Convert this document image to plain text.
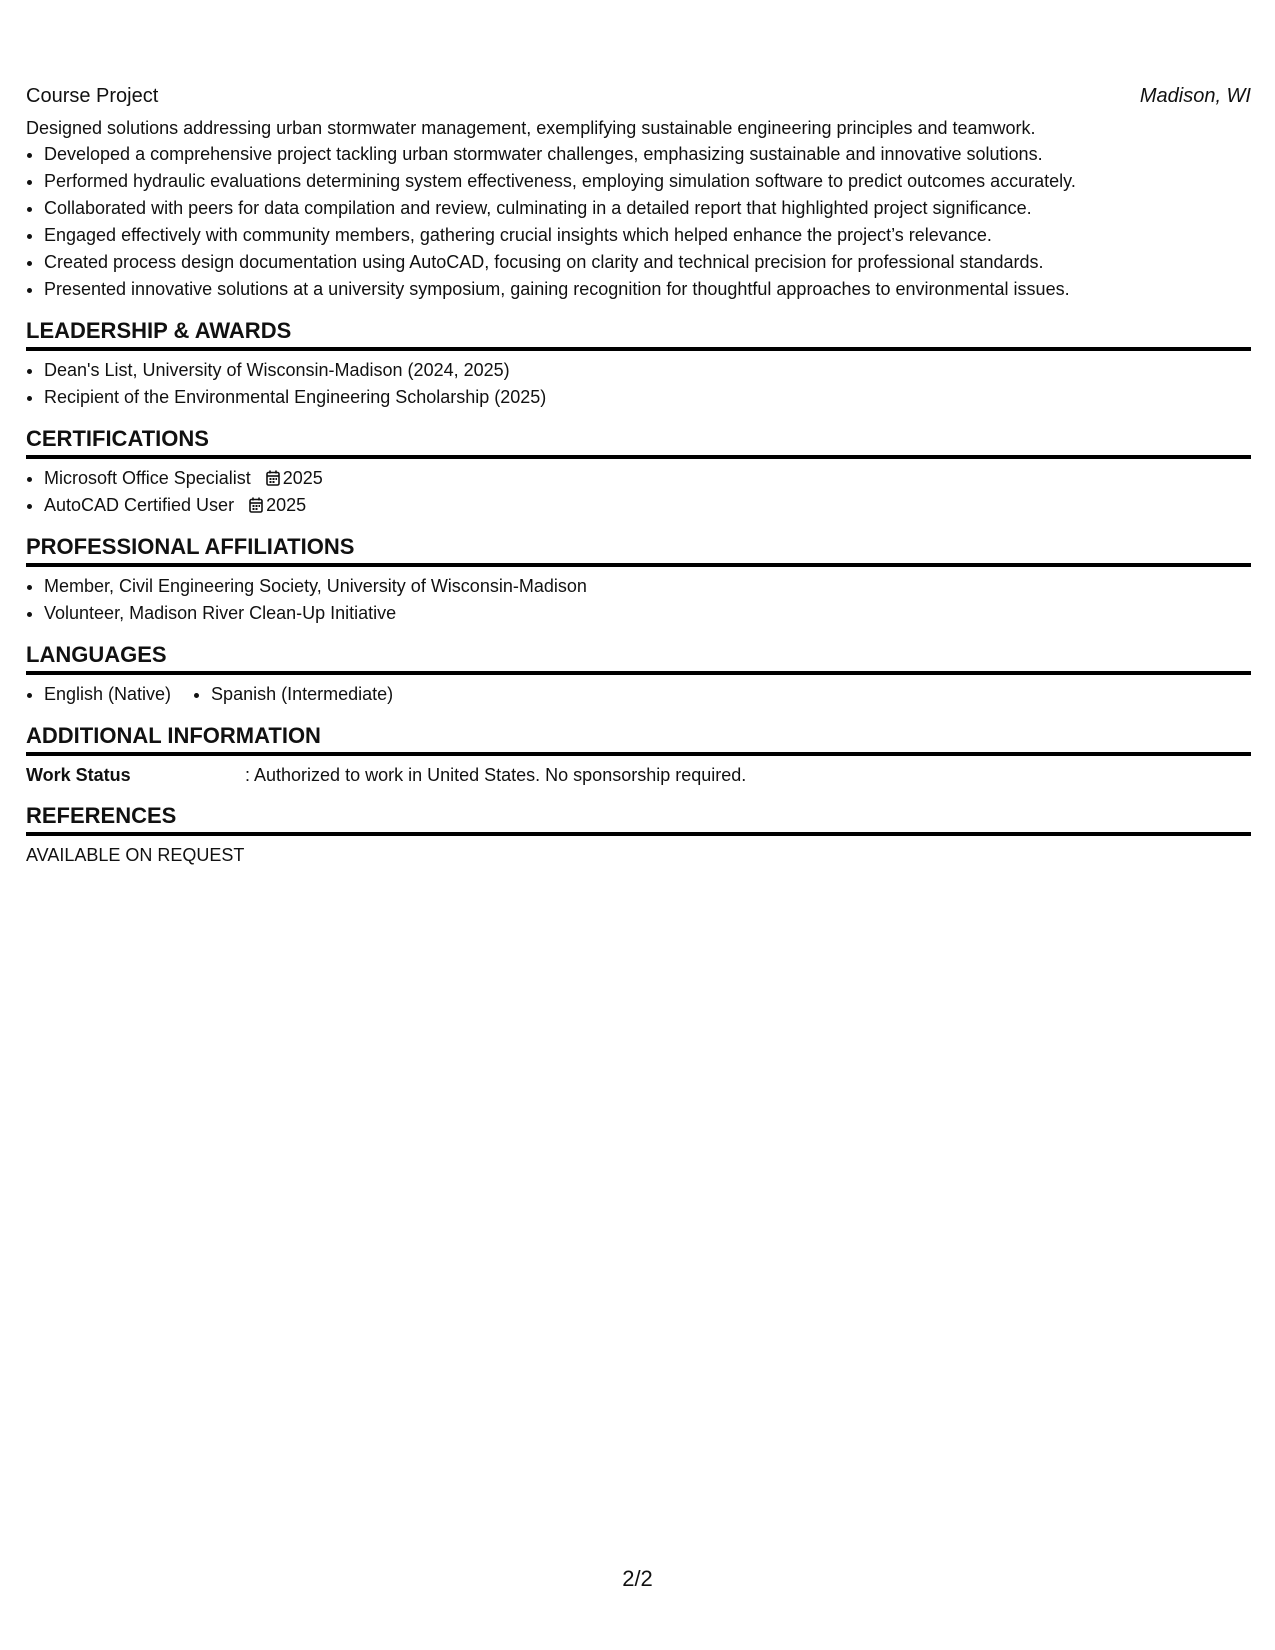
Course Project	Madison, WI
Designed solutions addressing urban stormwater management, exemplifying sustainable engineering principles and teamwork.
• Developed a comprehensive project tackling urban stormwater challenges, emphasizing sustainable and innovative solutions.
• Performed hydraulic evaluations determining system effectiveness, employing simulation software to predict outcomes accurately.
• Collaborated with peers for data compilation and review, culminating in a detailed report that highlighted project significance.
• Engaged effectively with community members, gathering crucial insights which helped enhance the project’s relevance.
• Created process design documentation using AutoCAD, focusing on clarity and technical precision for professional standards.
• Presented innovative solutions at a university symposium, gaining recognition for thoughtful approaches to environmental issues.
LEADERSHIP & AWARDS
• Dean's List, University of Wisconsin-Madison (2024, 2025)
• Recipient of the Environmental Engineering Scholarship (2025)
CERTIFICATIONS
• Microsoft Office Specialist 2025
• AutoCAD Certified User 2025
PROFESSIONAL AFFILIATIONS
• Member, Civil Engineering Society, University of Wisconsin-Madison
• Volunteer, Madison River Clean-Up Initiative
LANGUAGES
• English (Native)
• Spanish (Intermediate)
ADDITIONAL INFORMATION
Work Status	: Authorized to work in United States. No sponsorship required.
REFERENCES
AVAILABLE ON REQUEST
2/2
